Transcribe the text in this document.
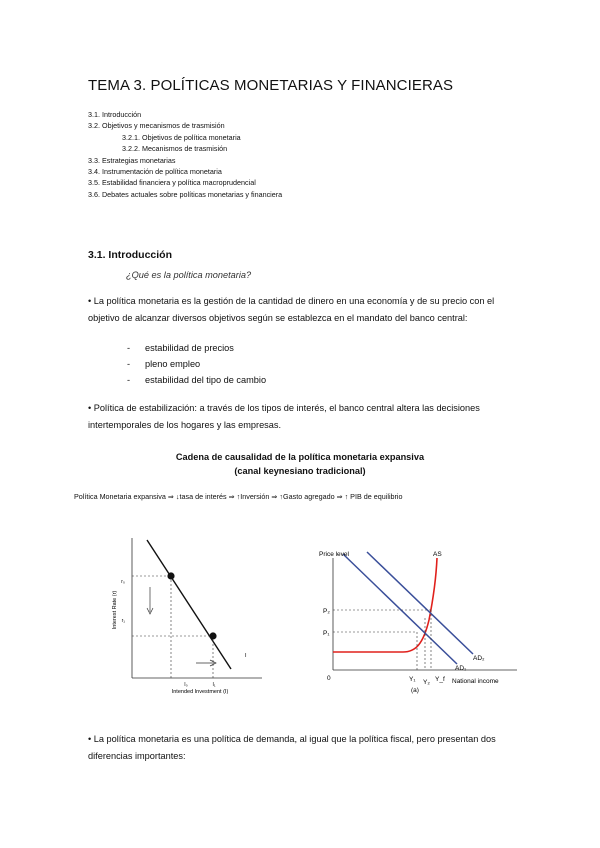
TEMA 3. POLÍTICAS MONETARIAS Y FINANCIERAS
3.1. Introducción
3.2. Objetivos y mecanismos de trasmisión
3.2.1. Objetivos de política monetaria
3.2.2. Mecanismos de trasmisión
3.3. Estrategias monetarias
3.4. Instrumentación de política monetaria
3.5. Estabilidad financiera y política macroprudencial
3.6. Debates actuales sobre políticas monetarias y financiera
3.1. Introducción
¿Qué es la política monetaria?
• La política monetaria es la gestión de la cantidad de dinero en una economía y de su precio con el objetivo de alcanzar diversos objetivos según se establezca en el mandato del banco central:
- estabilidad de precios
- pleno empleo
- estabilidad del tipo de cambio
• Política de estabilización: a través de los tipos de interés, el banco central altera las decisiones intertemporales de los hogares y las empresas.
Cadena de causalidad de la política monetaria expansiva
(canal keynesiano tradicional)
Política Monetaria expansiva ⇒ ↓tasa de interés ⇒ ↑Inversión ⇒ ↑Gasto agregado ⇒ ↑ PIB de equilibrio
Interest Rate (r)
Intended Investment (I)
r₀
r₁
I₀	I₁
I
Price level	AS
AD₂
AD₁
P₂
P₁
0	Y₁ Y₂ Y_f National income
(a)
• La política monetaria es una política de demanda, al igual que la política fiscal, pero presentan dos diferencias importantes:
